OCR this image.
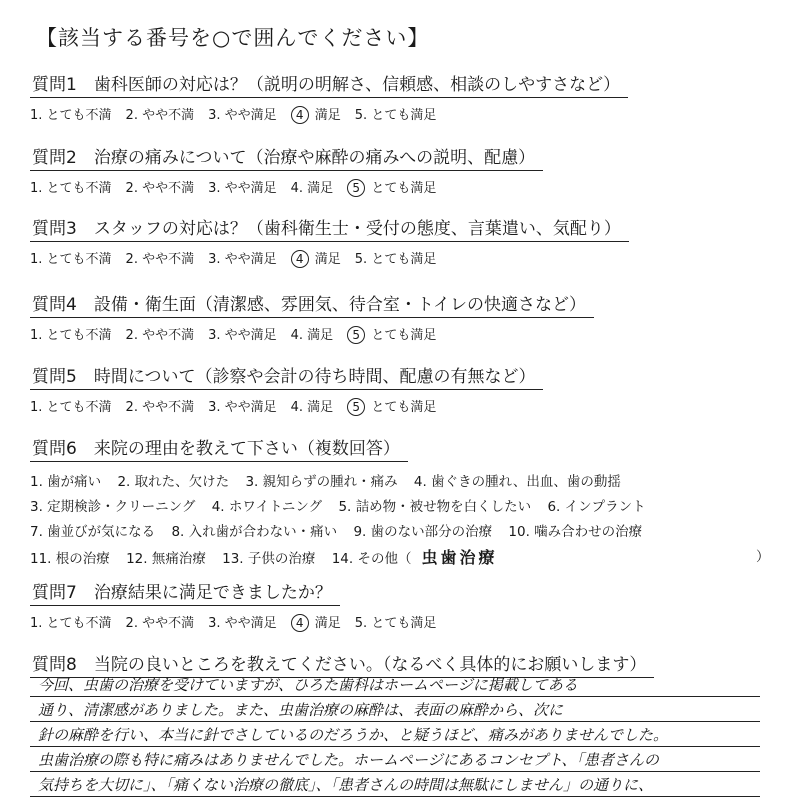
【該当する番号を○で囲んでください】
質問1　歯科医師の対応は？（説明の明解さ、信頼感、相談のしやすさなど）
1. とても不満 2. やや不満 3. やや満足 4 満足 5. とても満足
質問2　治療の痛みについて（治療や麻酔の痛みへの説明、配慮）
1. とても不満 2. やや不満 3. やや満足 4. 満足 5 とても満足
質問3　スタッフの対応は？（歯科衛生士・受付の態度、言葉遣い、気配り）
1. とても不満 2. やや不満 3. やや満足 4 満足 5. とても満足
質問4　設備・衛生面（清潔感、雰囲気、待合室・トイレの快適さなど）
1. とても不満 2. やや不満 3. やや満足 4. 満足 5 とても満足
質問5　時間について（診察や会計の待ち時間、配慮の有無など）
1. とても不満 2. やや不満 3. やや満足 4. 満足 5 とても満足
質問6　来院の理由を教えて下さい（複数回答）
1. 歯が痛い 2. 取れた、欠けた 3. 親知らずの腫れ・痛み 4. 歯ぐきの腫れ、出血、歯の動揺
3. 定期検診・クリーニング 4. ホワイトニング 5. 詰め物・被せ物を白くしたい 6. インプラント
7. 歯並びが気になる 8. 入れ歯が合わない・痛い 9. 歯のない部分の治療 10. 噛み合わせの治療
11. 根の治療 12. 無痛治療 13. 子供の治療 14. その他（ 虫歯治療	）
質問7　治療結果に満足できましたか？
1. とても不満 2. やや不満 3. やや満足 4 満足 5. とても満足
質問8　当院の良いところを教えてください。（なるべく具体的にお願いします）
今回、虫歯の治療を受けていますが、ひろた歯科はホームページに掲載してある
通り、清潔感がありました。また、虫歯治療の麻酔は、表面の麻酔から、次に
針の麻酔を行い、本当に針でさしているのだろうか、と疑うほど、痛みがありませんでした。
虫歯治療の際も特に痛みはありませんでした。ホームページにあるコンセプト、「患者さんの
気持ちを大切に」、「痛くない治療の徹底」、「患者さんの時間は無駄にしません」の通りに、
